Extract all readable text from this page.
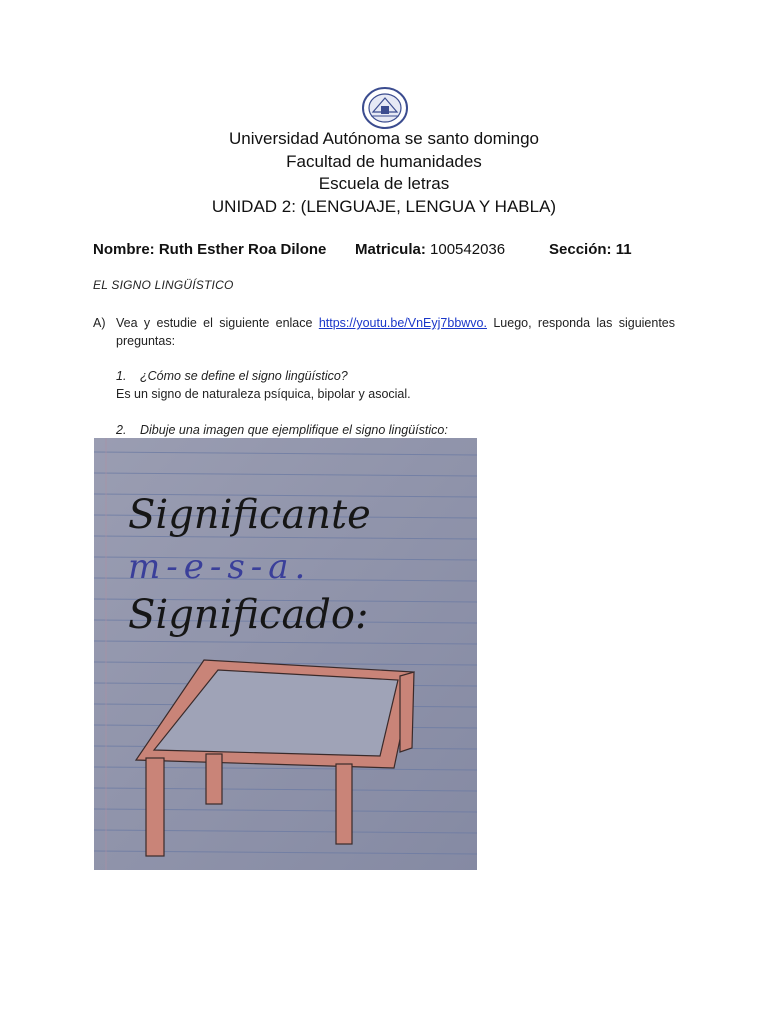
Universidad Autónoma se santo domingo
Facultad de humanidades
Escuela de letras
UNIDAD 2: (LENGUAJE, LENGUA Y HABLA)
Nombre: Ruth Esther Roa Dilone Matricula: 100542036	Sección: 11
EL SIGNO LINGÜÍSTICO
A) Vea y estudie el siguiente enlace https://youtu.be/VnEyj7bbwvo. Luego, responda las siguientes preguntas:
1. ¿Cómo se define el signo lingüístico?
Es un signo de naturaleza psíquica, bipolar y asocial.
2. Dibuje una imagen que ejemplifique el signo lingüístico:
Significante
m-e-s-a.
Significado:
